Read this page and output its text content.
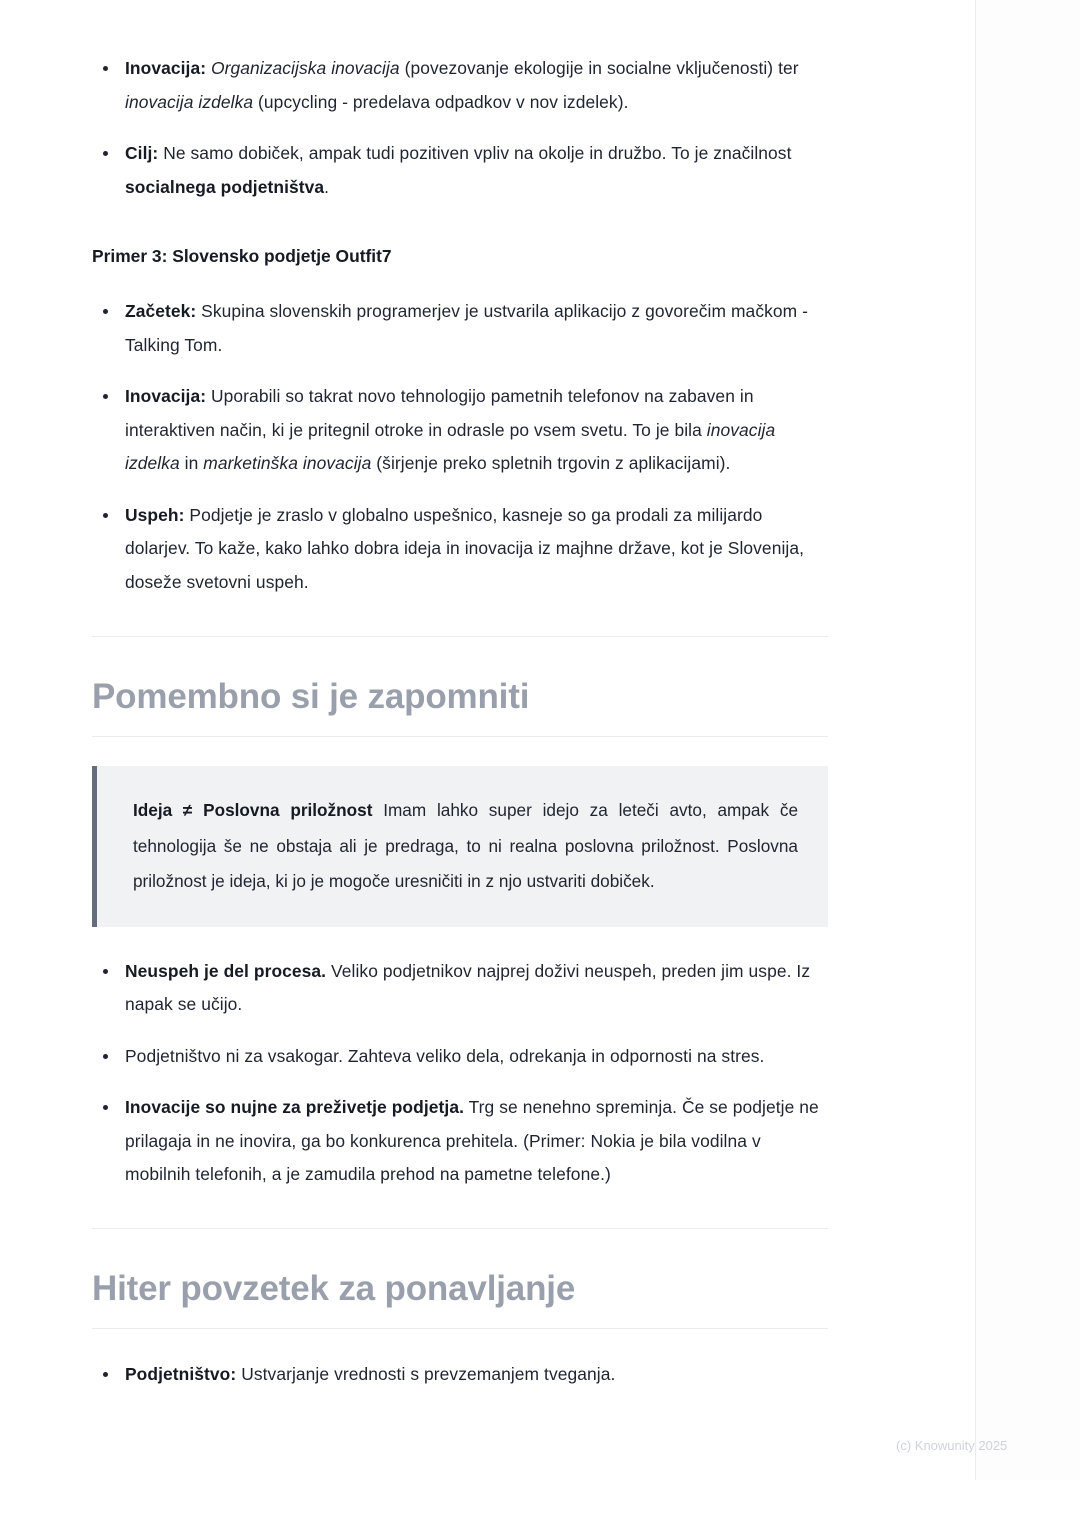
Inovacija: Organizacijska inovacija (povezovanje ekologije in socialne vključenosti) ter inovacija izdelka (upcycling - predelava odpadkov v nov izdelek).
Cilj: Ne samo dobiček, ampak tudi pozitiven vpliv na okolje in družbo. To je značilnost socialnega podjetništva.

Primer 3: Slovensko podjetje Outfit7

Začetek: Skupina slovenskih programerjev je ustvarila aplikacijo z govorečim mačkom - Talking Tom.
Inovacija: Uporabili so takrat novo tehnologijo pametnih telefonov na zabaven in interaktiven način, ki je pritegnil otroke in odrasle po vsem svetu. To je bila inovacija izdelka in marketinška inovacija (širjenje preko spletnih trgovin z aplikacijami).
Uspeh: Podjetje je zraslo v globalno uspešnico, kasneje so ga prodali za milijardo dolarjev. To kaže, kako lahko dobra ideja in inovacija iz majhne države, kot je Slovenija, doseže svetovni uspeh.
Pomembno si je zapomniti

Ideja ≠ Poslovna priložnost Imam lahko super idejo za leteči avto, ampak če tehnologija še ne obstaja ali je predraga, to ni realna poslovna priložnost. Poslovna priložnost je ideja, ki jo je mogoče uresničiti in z njo ustvariti dobiček.

Neuspeh je del procesa. Veliko podjetnikov najprej doživi neuspeh, preden jim uspe. Iz napak se učijo.
Podjetništvo ni za vsakogar. Zahteva veliko dela, odrekanja in odpornosti na stres.
Inovacije so nujne za preživetje podjetja. Trg se nenehno spreminja. Če se podjetje ne prilagaja in ne inovira, ga bo konkurenca prehitela. (Primer: Nokia je bila vodilna v mobilnih telefonih, a je zamudila prehod na pametne telefone.)
Hiter povzetek za ponavljanje
Podjetništvo: Ustvarjanje vrednosti s prevzemanjem tveganja.
(c) Knowunity 2025
